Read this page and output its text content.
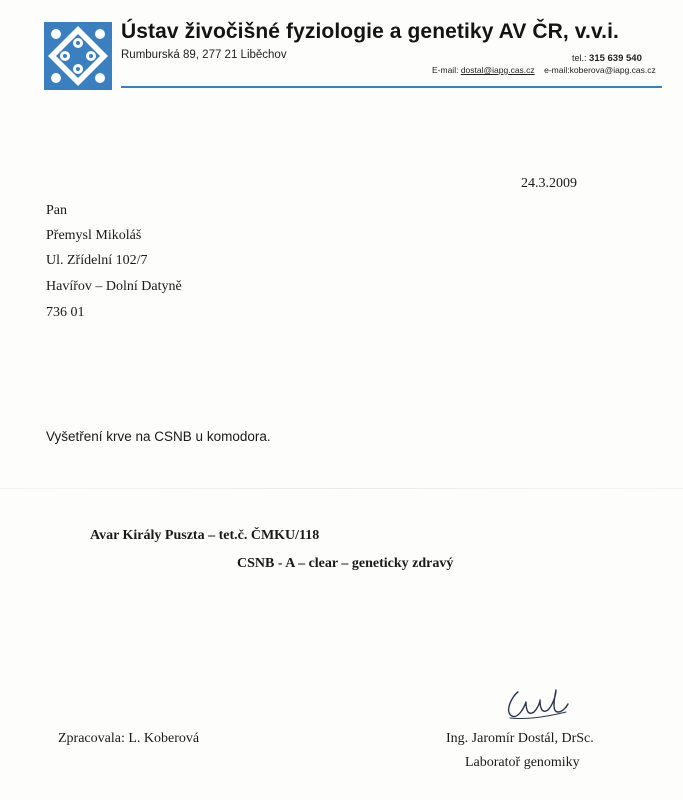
Ústav živočišné fyziologie a genetiky AV ČR, v.v.i.
Rumburská 89, 277 21 Liběchov	tel.: 315 639 540
E-mail: dostal@iapg.cas.cz e-mail:koberova@iapg.cas.cz
24.3.2009
Pan
Přemysl Mikoláš
Ul. Zřídelní 102/7
Havířov – Dolní Datyně
736 01
Vyšetření krve na CSNB u komodora.
Avar Király Puszta – tet.č. ČMKU/118
CSNB - A – clear – geneticky zdravý
Zpracovala: L. Koberová	Ing. Jaromír Dostál, DrSc.
Laboratoř genomiky
